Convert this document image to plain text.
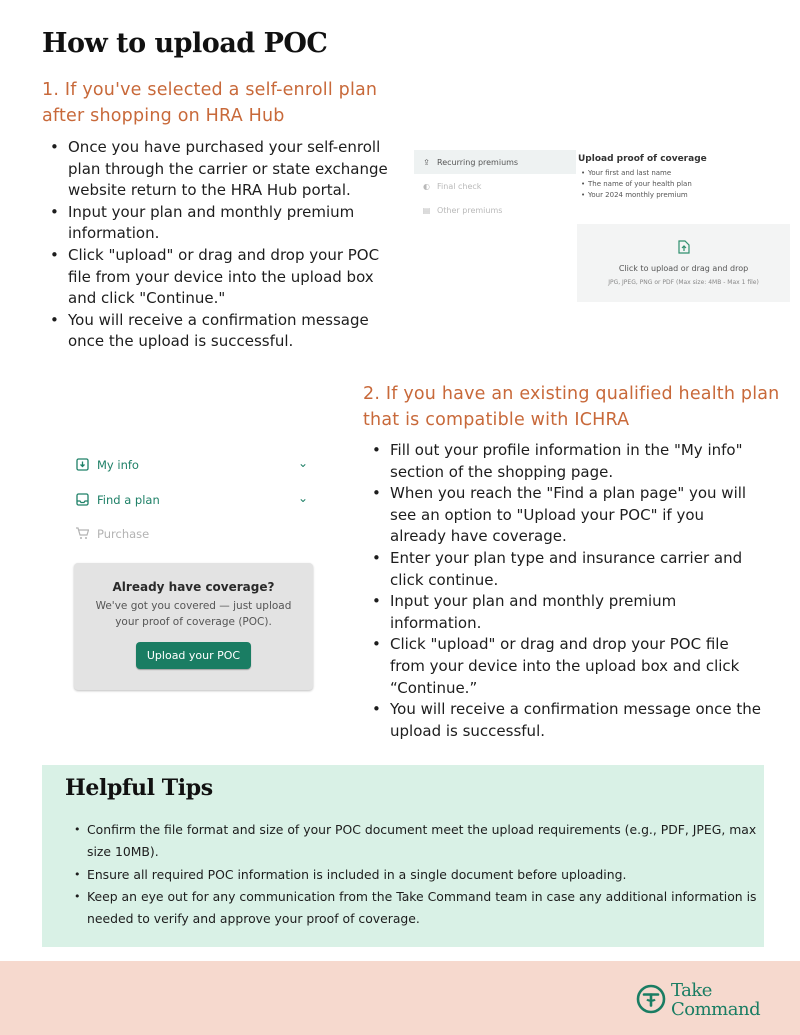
How to upload POC
1. If you've selected a self-enroll plan
after shopping on HRA Hub
• Once you have purchased your self-enroll plan through the carrier or state exchange website return to the HRA Hub portal.
• Input your plan and monthly premium information.
• Click "upload" or drag and drop your POC file from your device into the upload box and click "Continue."
• You will receive a confirmation message once the upload is successful.
⇪ Recurring premiums
◐ Final check
▤ Other premiums
Upload proof of coverage
• Your first and last name
• The name of your health plan
• Your 2024 monthly premium
Click to upload or drag and drop
JPG, JPEG, PNG or PDF (Max size: 4MB - Max 1 file)
2. If you have an existing qualified health plan
that is compatible with ICHRA
• Fill out your profile information in the "My info" section of the shopping page.
• When you reach the "Find a plan page" you will see an option to "Upload your POC" if you already have coverage.
• Enter your plan type and insurance carrier and click continue.
• Input your plan and monthly premium information.
• Click "upload" or drag and drop your POC file from your device into the upload box and click “Continue.”
• You will receive a confirmation message once the upload is successful.
My info	⌄
Find a plan	⌄
Purchase
Already have coverage?
We've got you covered — just upload
your proof of coverage (POC).
Upload your POC
Helpful Tips
• Confirm the file format and size of your POC document meet the upload requirements (e.g., PDF, JPEG, max size 10MB).
• Ensure all required POC information is included in a single document before uploading.
• Keep an eye out for any communication from the Take Command team in case any additional information is needed to verify and approve your proof of coverage.
Take
Command
